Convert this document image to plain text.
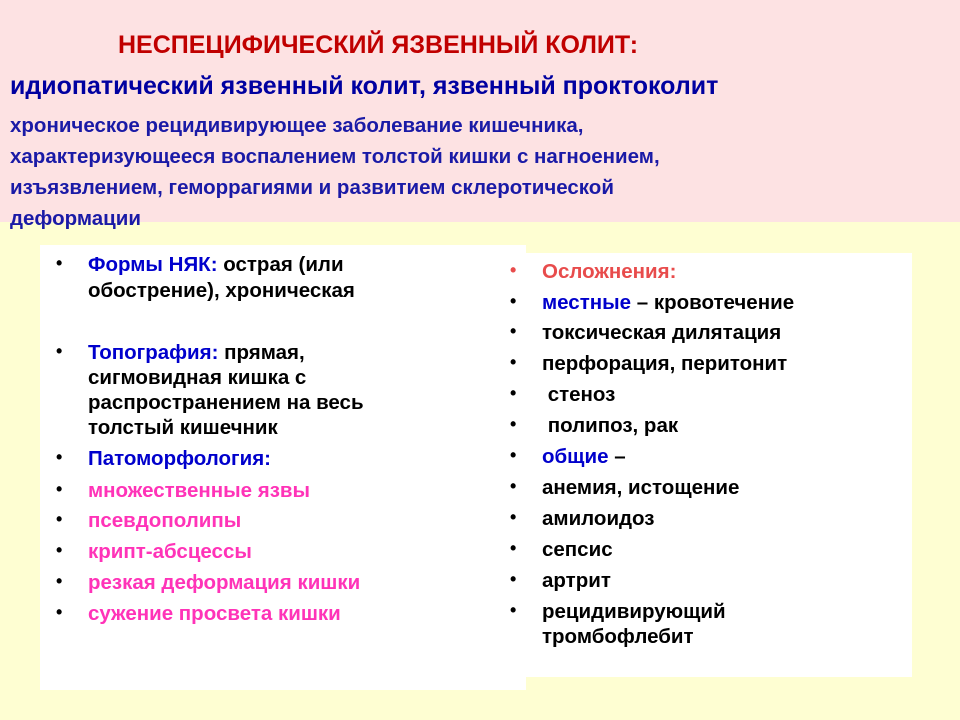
НЕСПЕЦИФИЧЕСКИЙ ЯЗВЕННЫЙ КОЛИТ:
идиопатический язвенный колит, язвенный проктоколит
хроническое рецидивирующее заболевание кишечника,
характеризующееся воспалением толстой кишки с нагноением,
изъязвлением, геморрагиями и развитием склеротической
деформации
• Формы НЯК: острая (или
обострение), хроническая
• Топография: прямая,
сигмовидная кишка с
распространением на весь
толстый кишечник
• Патоморфология:
• множественные язвы
• псевдополипы
• крипт-абсцессы
• резкая деформация кишки
• сужение просвета кишки
• Осложнения:
• местные – кровотечение
• токсическая дилятация
• перфорация, перитонит
• стеноз
• полипоз, рак
• общие –
• анемия, истощение
• амилоидоз
• сепсис
• артрит
• рецидивирующий
тромбофлебит
